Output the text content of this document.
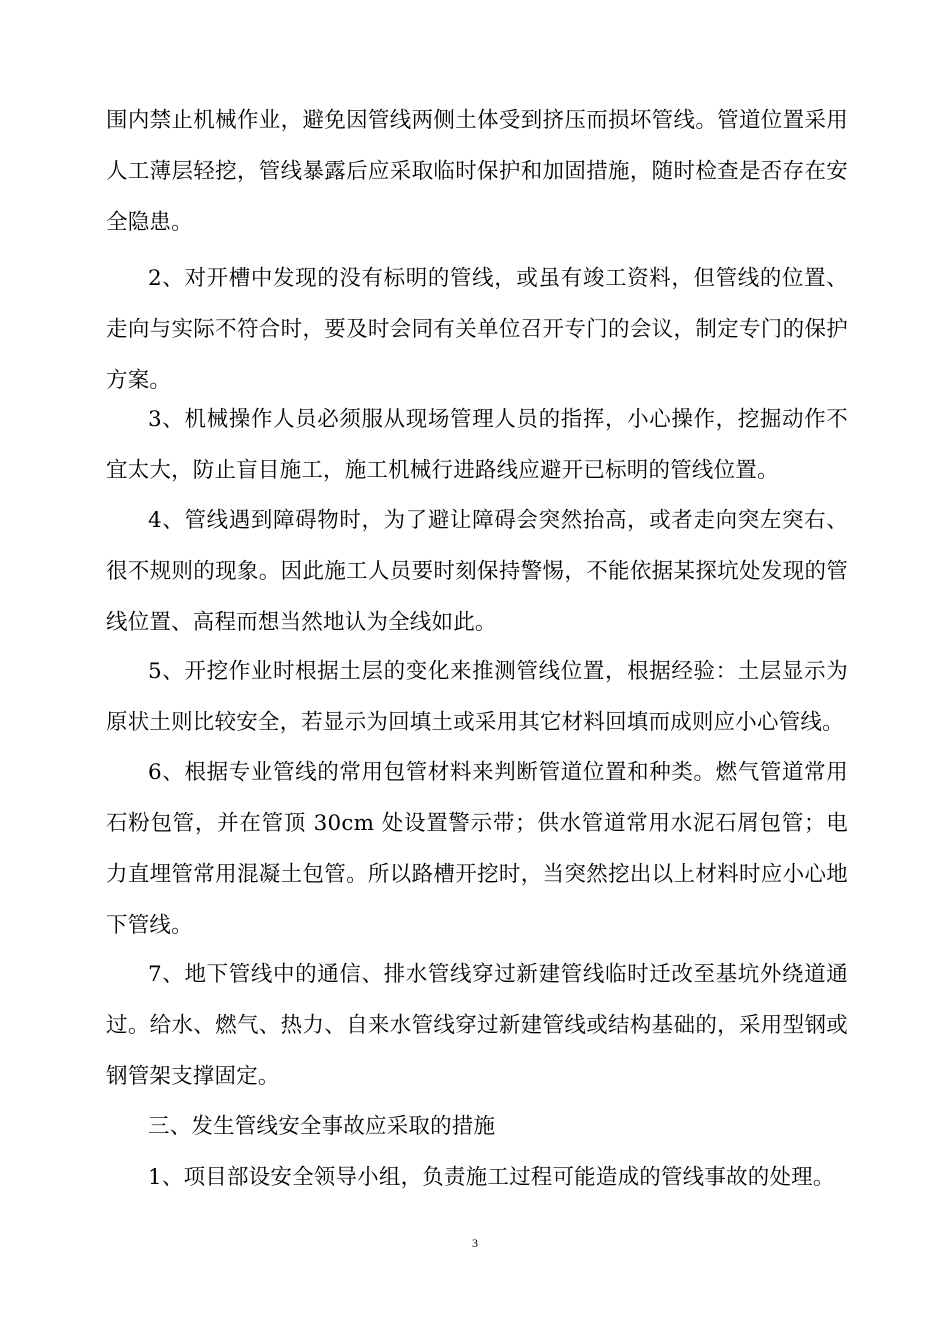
围内禁止机械作业，避免因管线两侧土体受到挤压而损坏管线。管道位置采用人工薄层轻挖，管线暴露后应采取临时保护和加固措施，随时检查是否存在安全隐患。

2、对开槽中发现的没有标明的管线，或虽有竣工资料，但管线的位置、走向与实际不符合时，要及时会同有关单位召开专门的会议，制定专门的保护方案。

3、机械操作人员必须服从现场管理人员的指挥，小心操作，挖掘动作不宜太大，防止盲目施工，施工机械行进路线应避开已标明的管线位置。

4、管线遇到障碍物时，为了避让障碍会突然抬高，或者走向突左突右、很不规则的现象。因此施工人员要时刻保持警惕，不能依据某探坑处发现的管线位置、高程而想当然地认为全线如此。

5、开挖作业时根据土层的变化来推测管线位置，根据经验：土层显示为原状土则比较安全，若显示为回填土或采用其它材料回填而成则应小心管线。

6、根据专业管线的常用包管材料来判断管道位置和种类。燃气管道常用石粉包管，并在管顶 30cm 处设置警示带；供水管道常用水泥石屑包管；电力直埋管常用混凝土包管。所以路槽开挖时，当突然挖出以上材料时应小心地下管线。

7、地下管线中的通信、排水管线穿过新建管线临时迁改至基坑外绕道通过。给水、燃气、热力、自来水管线穿过新建管线或结构基础的，采用型钢或钢管架支撑固定。

三、发生管线安全事故应采取的措施

1、项目部设安全领导小组，负责施工过程可能造成的管线事故的处理。

3
